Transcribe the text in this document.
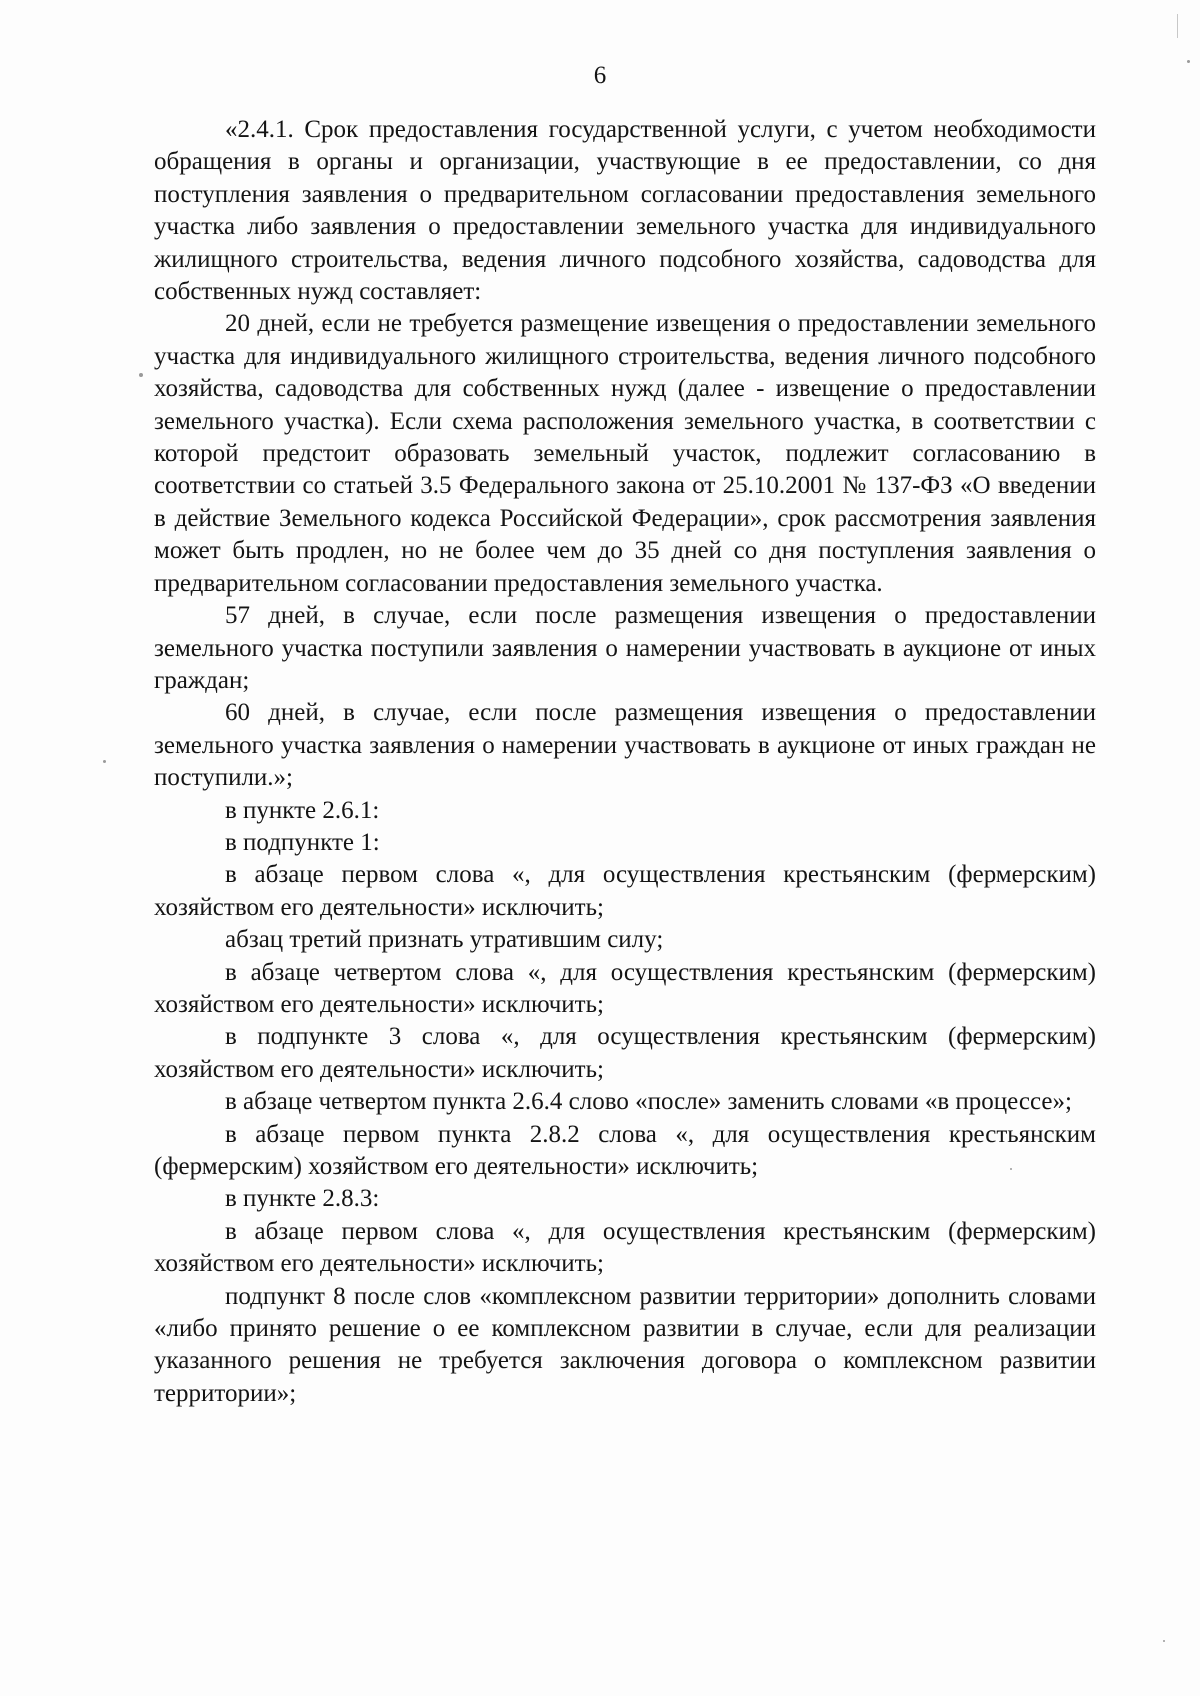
6

«2.4.1. Срок предоставления государственной услуги, с учетом необходимости обращения в органы и организации, участвующие в ее предоставлении, со дня поступления заявления о предварительном согласовании предоставления земельного участка либо заявления о предоставлении земельного участка для индивидуального жилищного строительства, ведения личного подсобного хозяйства, садоводства для собственных нужд составляет:

20 дней, если не требуется размещение извещения о предоставлении земельного участка для индивидуального жилищного строительства, ведения личного подсобного хозяйства, садоводства для собственных нужд (далее - извещение о предоставлении земельного участка). Если схема расположения земельного участка, в соответствии с которой предстоит образовать земельный участок, подлежит согласованию в соответствии со статьей 3.5 Федерального закона от 25.10.2001 № 137-ФЗ «О введении в действие Земельного кодекса Российской Федерации», срок рассмотрения заявления может быть продлен, но не более чем до 35 дней со дня поступления заявления о предварительном согласовании предоставления земельного участка.

57 дней, в случае, если после размещения извещения о предоставлении земельного участка поступили заявления о намерении участвовать в аукционе от иных граждан;

60 дней, в случае, если после размещения извещения о предоставлении земельного участка заявления о намерении участвовать в аукционе от иных граждан не поступили.»;

в пункте 2.6.1:

в подпункте 1:

в абзаце первом слова «, для осуществления крестьянским (фермерским) хозяйством его деятельности» исключить;

абзац третий признать утратившим силу;

в абзаце четвертом слова «, для осуществления крестьянским (фермерским) хозяйством его деятельности» исключить;

в подпункте 3 слова «, для осуществления крестьянским (фермерским) хозяйством его деятельности» исключить;

в абзаце четвертом пункта 2.6.4 слово «после» заменить словами «в процессе»;

в абзаце первом пункта 2.8.2 слова «, для осуществления крестьянским (фермерским) хозяйством его деятельности» исключить;

в пункте 2.8.3:

в абзаце первом слова «, для осуществления крестьянским (фермерским) хозяйством его деятельности» исключить;

подпункт 8 после слов «комплексном развитии территории» дополнить словами «либо принято решение о ее комплексном развитии в случае, если для реализации указанного решения не требуется заключения договора о комплексном развитии территории»;
